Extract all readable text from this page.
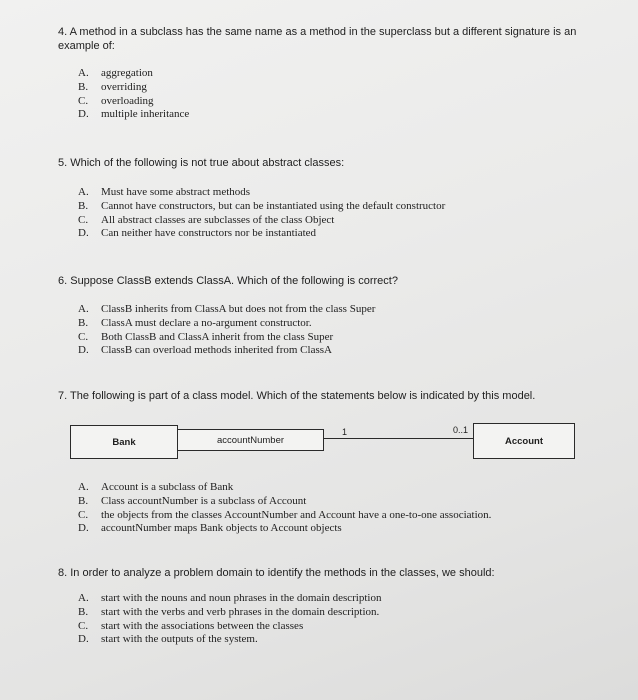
4. A method in a subclass has the same name as a method in the superclass but a different signature is an example of:
A.	aggregation
B.	overriding
C.	overloading
D.	multiple inheritance
5. Which of the following is not true about abstract classes:
A.	Must have some abstract methods
B.	Cannot have constructors, but can be instantiated using the default constructor
C.	All abstract classes are subclasses of the class Object
D.	Can neither have constructors nor be instantiated
6. Suppose ClassB extends ClassA. Which of the following is correct?
A.	ClassB inherits from ClassA but does not from the class Super
B.	ClassA must declare a no-argument constructor.
C.	Both ClassB and ClassA inherit from the class Super
D.	ClassB can overload methods inherited from ClassA
7. The following is part of a class model. Which of the statements below is indicated by this model.
Bank	accountNumber
1	0..1
Account
A.	Account is a subclass of Bank
B.	Class accountNumber is a subclass of Account
C.	the objects from the classes AccountNumber and Account have a one-to-one association.
D.	accountNumber maps Bank objects to Account objects
8. In order to analyze a problem domain to identify the methods in the classes, we should:
A.	start with the nouns and noun phrases in the domain description
B.	start with the verbs and verb phrases in the domain description.
C.	start with the associations between the classes
D.	start with the outputs of the system.
